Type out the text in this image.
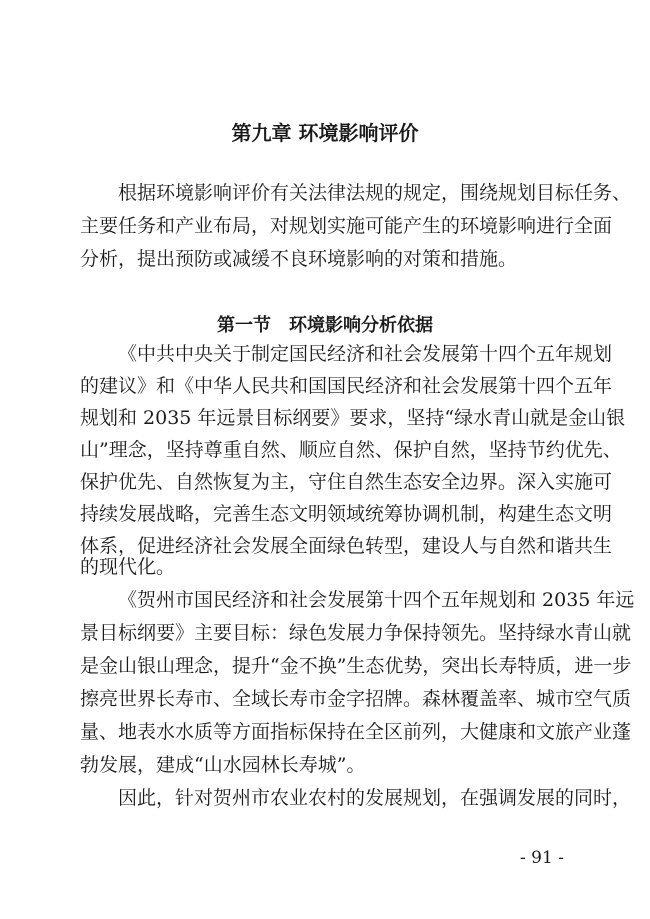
第九章 环境影响评价
根据环境影响评价有关法律法规的规定，围绕规划目标任务、
主要任务和产业布局，对规划实施可能产生的环境影响进行全面
分析，提出预防或减缓不良环境影响的对策和措施。
第一节　环境影响分析依据
《中共中央关于制定国民经济和社会发展第十四个五年规划
的建议》和《中华人民共和国国民经济和社会发展第十四个五年
规划和 2035 年远景目标纲要》要求，坚持“绿水青山就是金山银
山”理念，坚持尊重自然、顺应自然、保护自然，坚持节约优先、
保护优先、自然恢复为主，守住自然生态安全边界。深入实施可
持续发展战略，完善生态文明领域统筹协调机制，构建生态文明
体系，促进经济社会发展全面绿色转型，建设人与自然和谐共生
的现代化。
《贺州市国民经济和社会发展第十四个五年规划和 2035 年远
景目标纲要》主要目标：绿色发展力争保持领先。坚持绿水青山就
是金山银山理念，提升“金不换”生态优势，突出长寿特质，进一步
擦亮世界长寿市、全域长寿市金字招牌。森林覆盖率、城市空气质
量、地表水水质等方面指标保持在全区前列，大健康和文旅产业蓬
勃发展，建成“山水园林长寿城”。
因此，针对贺州市农业农村的发展规划，在强调发展的同时，
- 91 -
